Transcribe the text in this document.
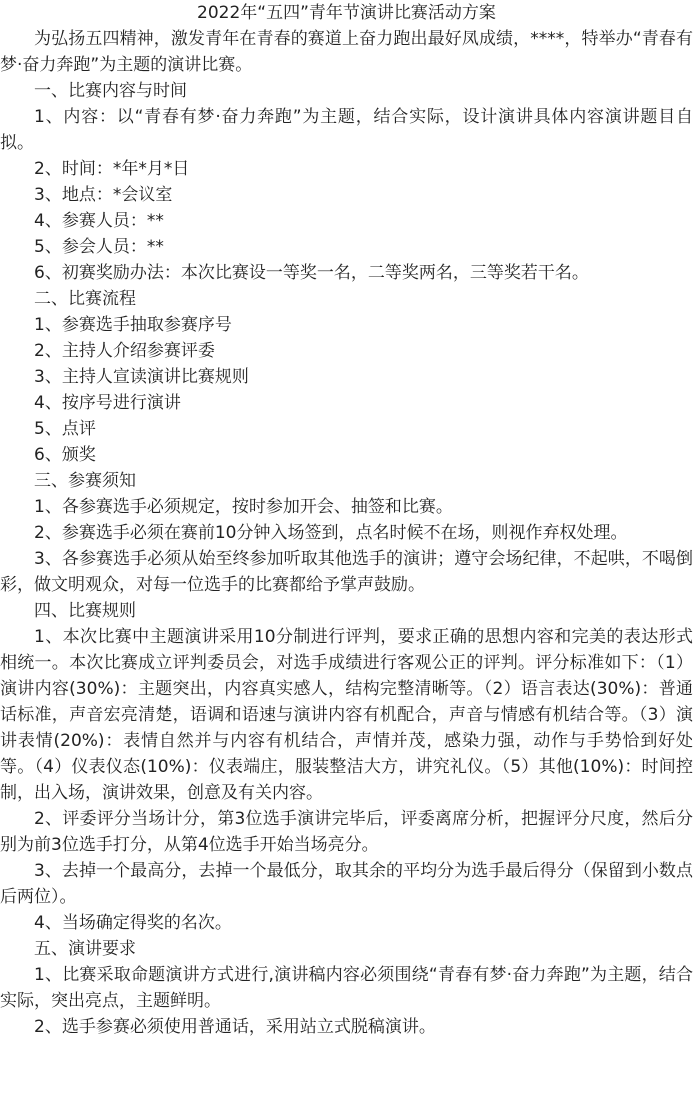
2022年“五四”青年节演讲比赛活动方案

为弘扬五四精神，激发青年在青春的赛道上奋力跑出最好凤成绩，****，特举办“青春有梦·奋力奔跑”为主题的演讲比赛。

一、比赛内容与时间

1、内容：以“青春有梦·奋力奔跑”为主题，结合实际，设计演讲具体内容演讲题目自拟。

2、时间：*年*月*日

3、地点：*会议室

4、参赛人员：**

5、参会人员：**

6、初赛奖励办法：本次比赛设一等奖一名，二等奖两名，三等奖若干名。

二、比赛流程

1、参赛选手抽取参赛序号

2、主持人介绍参赛评委

3、主持人宣读演讲比赛规则

4、按序号进行演讲

5、点评

6、颁奖

三、参赛须知

1、各参赛选手必须规定，按时参加开会、抽签和比赛。

2、参赛选手必须在赛前10分钟入场签到，点名时候不在场，则视作弃权处理。

3、各参赛选手必须从始至终参加听取其他选手的演讲；遵守会场纪律，不起哄，不喝倒彩，做文明观众，对每一位选手的比赛都给予掌声鼓励。

四、比赛规则

1、本次比赛中主题演讲采用10分制进行评判，要求正确的思想内容和完美的表达形式相统一。本次比赛成立评判委员会，对选手成绩进行客观公正的评判。评分标准如下：（1）演讲内容(30%)：主题突出，内容真实感人，结构完整清晰等。（2）语言表达(30%)：普通话标准，声音宏亮清楚，语调和语速与演讲内容有机配合，声音与情感有机结合等。（3）演讲表情(20%)：表情自然并与内容有机结合，声情并茂，感染力强，动作与手势恰到好处等。（4）仪表仪态(10%)：仪表端庄，服装整洁大方，讲究礼仪。（5）其他(10%)：时间控制，出入场，演讲效果，创意及有关内容。

2、评委评分当场计分，第3位选手演讲完毕后，评委离席分析，把握评分尺度，然后分别为前3位选手打分，从第4位选手开始当场亮分。

3、去掉一个最高分，去掉一个最低分，取其余的平均分为选手最后得分（保留到小数点后两位）。

4、当场确定得奖的名次。

五、演讲要求

1、比赛采取命题演讲方式进行,演讲稿内容必须围绕“青春有梦·奋力奔跑”为主题，结合实际，突出亮点，主题鲜明。

2、选手参赛必须使用普通话，采用站立式脱稿演讲。
